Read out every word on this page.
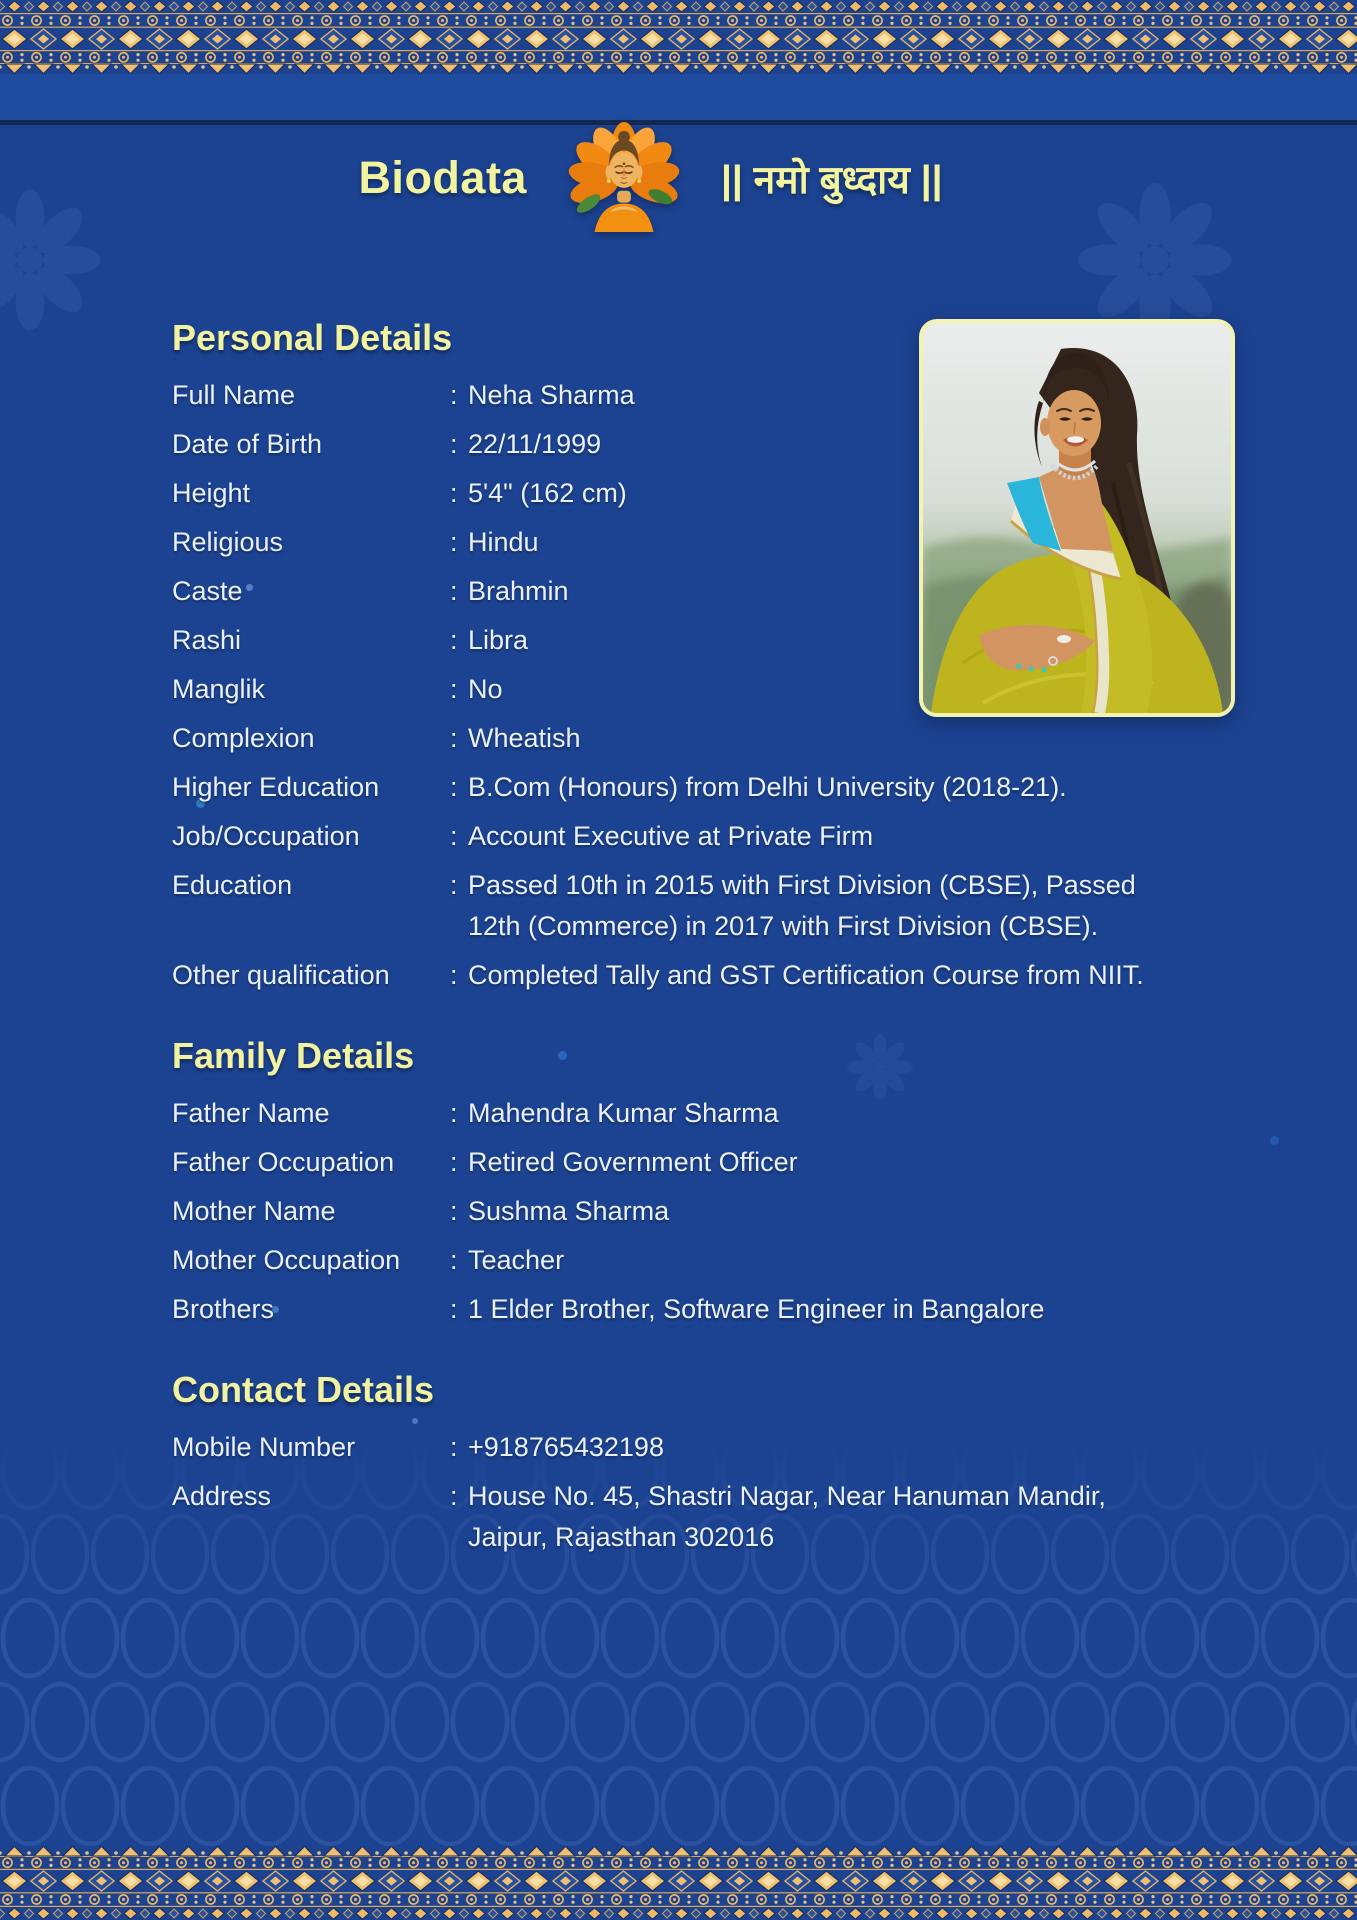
Biodata	|| नमो बुध्दाय ||
Personal Details
Full Name	: Neha Sharma
Date of Birth	: 22/11/1999
Height	: 5'4" (162 cm)
Religious	: Hindu
Caste	: Brahmin
Rashi	: Libra
Manglik	: No
Complexion	: Wheatish
Higher Education	: B.Com (Honours) from Delhi University (2018-21).
Job/Occupation	: Account Executive at Private Firm
Education	: Passed 10th in 2015 with First Division (CBSE), Passed 12th (Commerce) in 2017 with First Division (CBSE).
Other qualification	: Completed Tally and GST Certification Course from NIIT.
Family Details
Father Name	: Mahendra Kumar Sharma
Father Occupation	: Retired Government Officer
Mother Name	: Sushma Sharma
Mother Occupation	: Teacher
Brothers	: 1 Elder Brother, Software Engineer in Bangalore
Contact Details
Mobile Number	: +918765432198
Address	: House No. 45, Shastri Nagar, Near Hanuman Mandir, Jaipur, Rajasthan 302016
